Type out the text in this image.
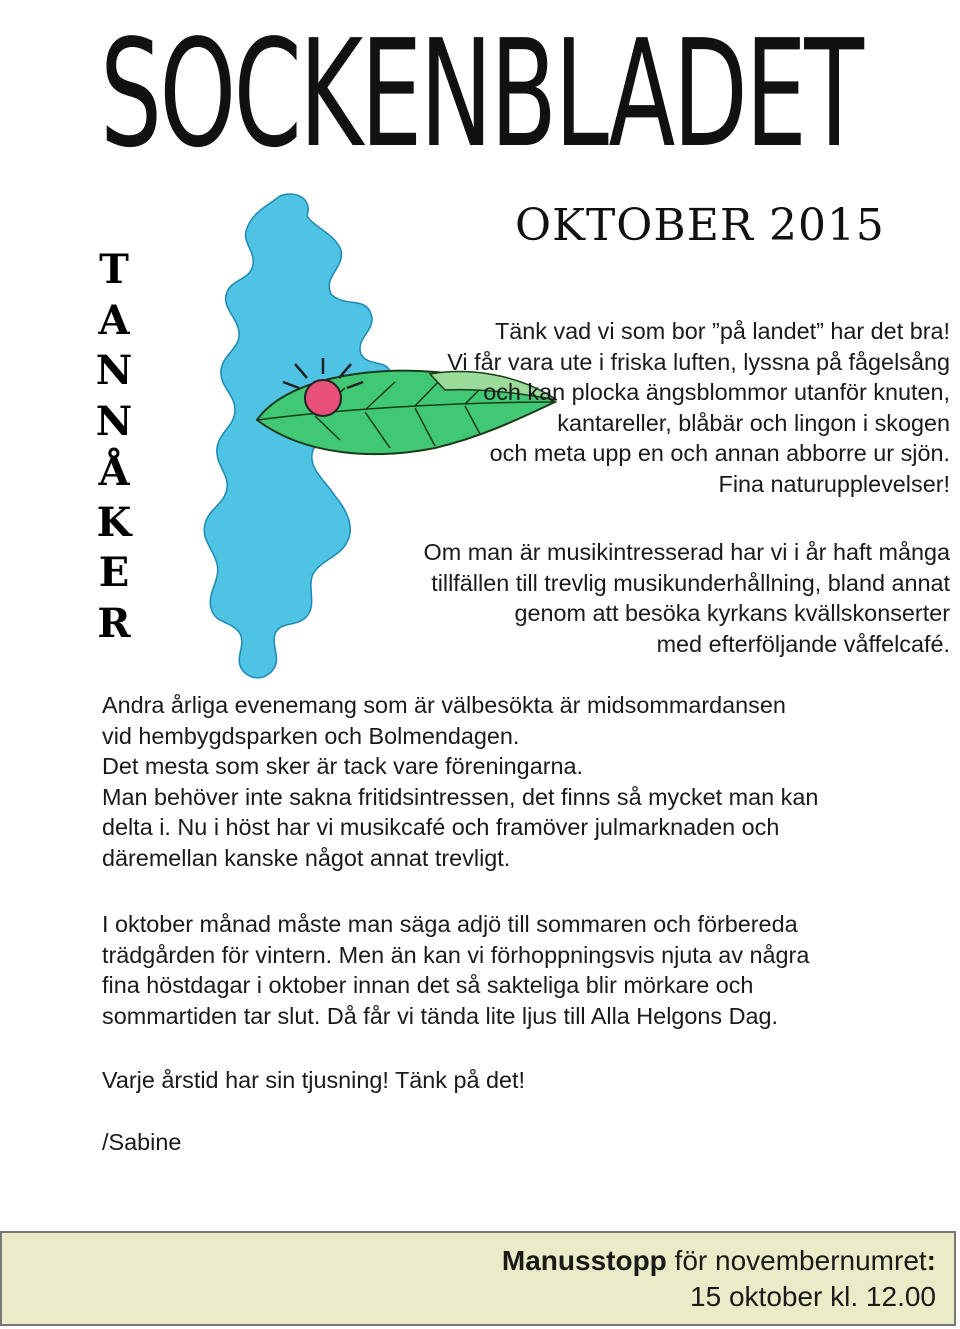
SOCKENBLADET
OKTOBER 2015
T
A
N
N
Å
K
E
R
Tänk vad vi som bor ”på landet” har det bra!
Vi får vara ute i friska luften, lyssna på fågelsång
och kan plocka ängsblommor utanför knuten,
kantareller, blåbär och lingon i skogen
och meta upp en och annan abborre ur sjön.
Fina naturupplevelser!
Om man är musikintresserad har vi i år haft många
tillfällen till trevlig musikunderhållning, bland annat
genom att besöka kyrkans kvällskonserter
med efterföljande våffelcafé.
Andra årliga evenemang som är välbesökta är midsommardansen
vid hembygdsparken och Bolmendagen.
Det mesta som sker är tack vare föreningarna.
Man behöver inte sakna fritidsintressen, det finns så mycket man kan
delta i. Nu i höst har vi musikcafé och framöver julmarknaden och
däremellan kanske något annat trevligt.
I oktober månad måste man säga adjö till sommaren och förbereda
trädgården för vintern. Men än kan vi förhoppningsvis njuta av några
fina höstdagar i oktober innan det så sakteliga blir mörkare och
sommartiden tar slut. Då får vi tända lite ljus till Alla Helgons Dag.
Varje årstid har sin tjusning! Tänk på det!
/Sabine
Manusstopp för novembernumret:
15 oktober kl. 12.00
